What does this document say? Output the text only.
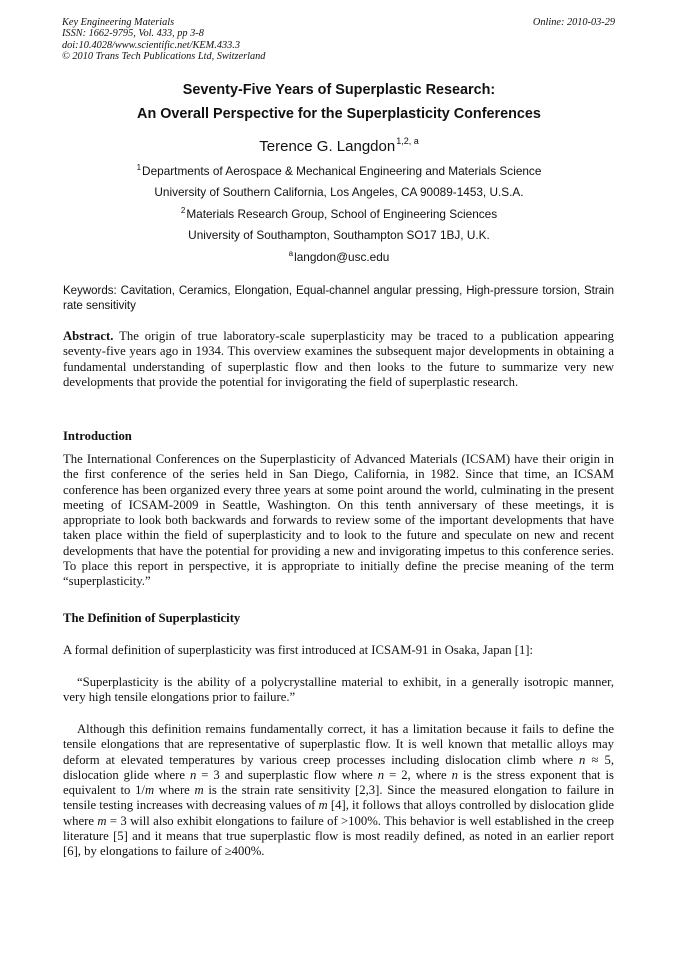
Key Engineering Materials
ISSN: 1662-9795, Vol. 433, pp 3-8
doi:10.4028/www.scientific.net/KEM.433.3
© 2010 Trans Tech Publications Ltd, Switzerland
Online: 2010-03-29
Seventy-Five Years of Superplastic Research:
An Overall Perspective for the Superplasticity Conferences
Terence G. Langdon$^{1,2, a}$
$^1$Departments of Aerospace & Mechanical Engineering and Materials Science
University of Southern California, Los Angeles, CA 90089-1453, U.S.A.
$^2$Materials Research Group, School of Engineering Sciences
University of Southampton, Southampton SO17 1BJ, U.K.
$^a$langdon@usc.edu
Keywords: Cavitation, Ceramics, Elongation, Equal-channel angular pressing, High-pressure torsion, Strain rate sensitivity
Abstract. The origin of true laboratory-scale superplasticity may be traced to a publication appearing seventy-five years ago in 1934. This overview examines the subsequent major developments in obtaining a fundamental understanding of superplastic flow and then looks to the future to summarize very new developments that provide the potential for invigorating the field of superplastic research.
Introduction
The International Conferences on the Superplasticity of Advanced Materials (ICSAM) have their origin in the first conference of the series held in San Diego, California, in 1982. Since that time, an ICSAM conference has been organized every three years at some point around the world, culminating in the present meeting of ICSAM-2009 in Seattle, Washington. On this tenth anniversary of these meetings, it is appropriate to look both backwards and forwards to review some of the important developments that have taken place within the field of superplasticity and to look to the future and speculate on new and recent developments that have the potential for providing a new and invigorating impetus to this conference series. To place this report in perspective, it is appropriate to initially define the precise meaning of the term “superplasticity.”
The Definition of Superplasticity
A formal definition of superplasticity was first introduced at ICSAM-91 in Osaka, Japan [1]:
“Superplasticity is the ability of a polycrystalline material to exhibit, in a generally isotropic manner, very high tensile elongations prior to failure.”
Although this definition remains fundamentally correct, it has a limitation because it fails to define the tensile elongations that are representative of superplastic flow. It is well known that metallic alloys may deform at elevated temperatures by various creep processes including dislocation climb where n ≈ 5, dislocation glide where n = 3 and superplastic flow where n = 2, where n is the stress exponent that is equivalent to 1/m where m is the strain rate sensitivity [2,3]. Since the measured elongation to failure in tensile testing increases with decreasing values of m [4], it follows that alloys controlled by dislocation glide where m = 3 will also exhibit elongations to failure of >100%. This behavior is well established in the creep literature [5] and it means that true superplastic flow is most readily defined, as noted in an earlier report [6], by elongations to failure of ≥400%.
